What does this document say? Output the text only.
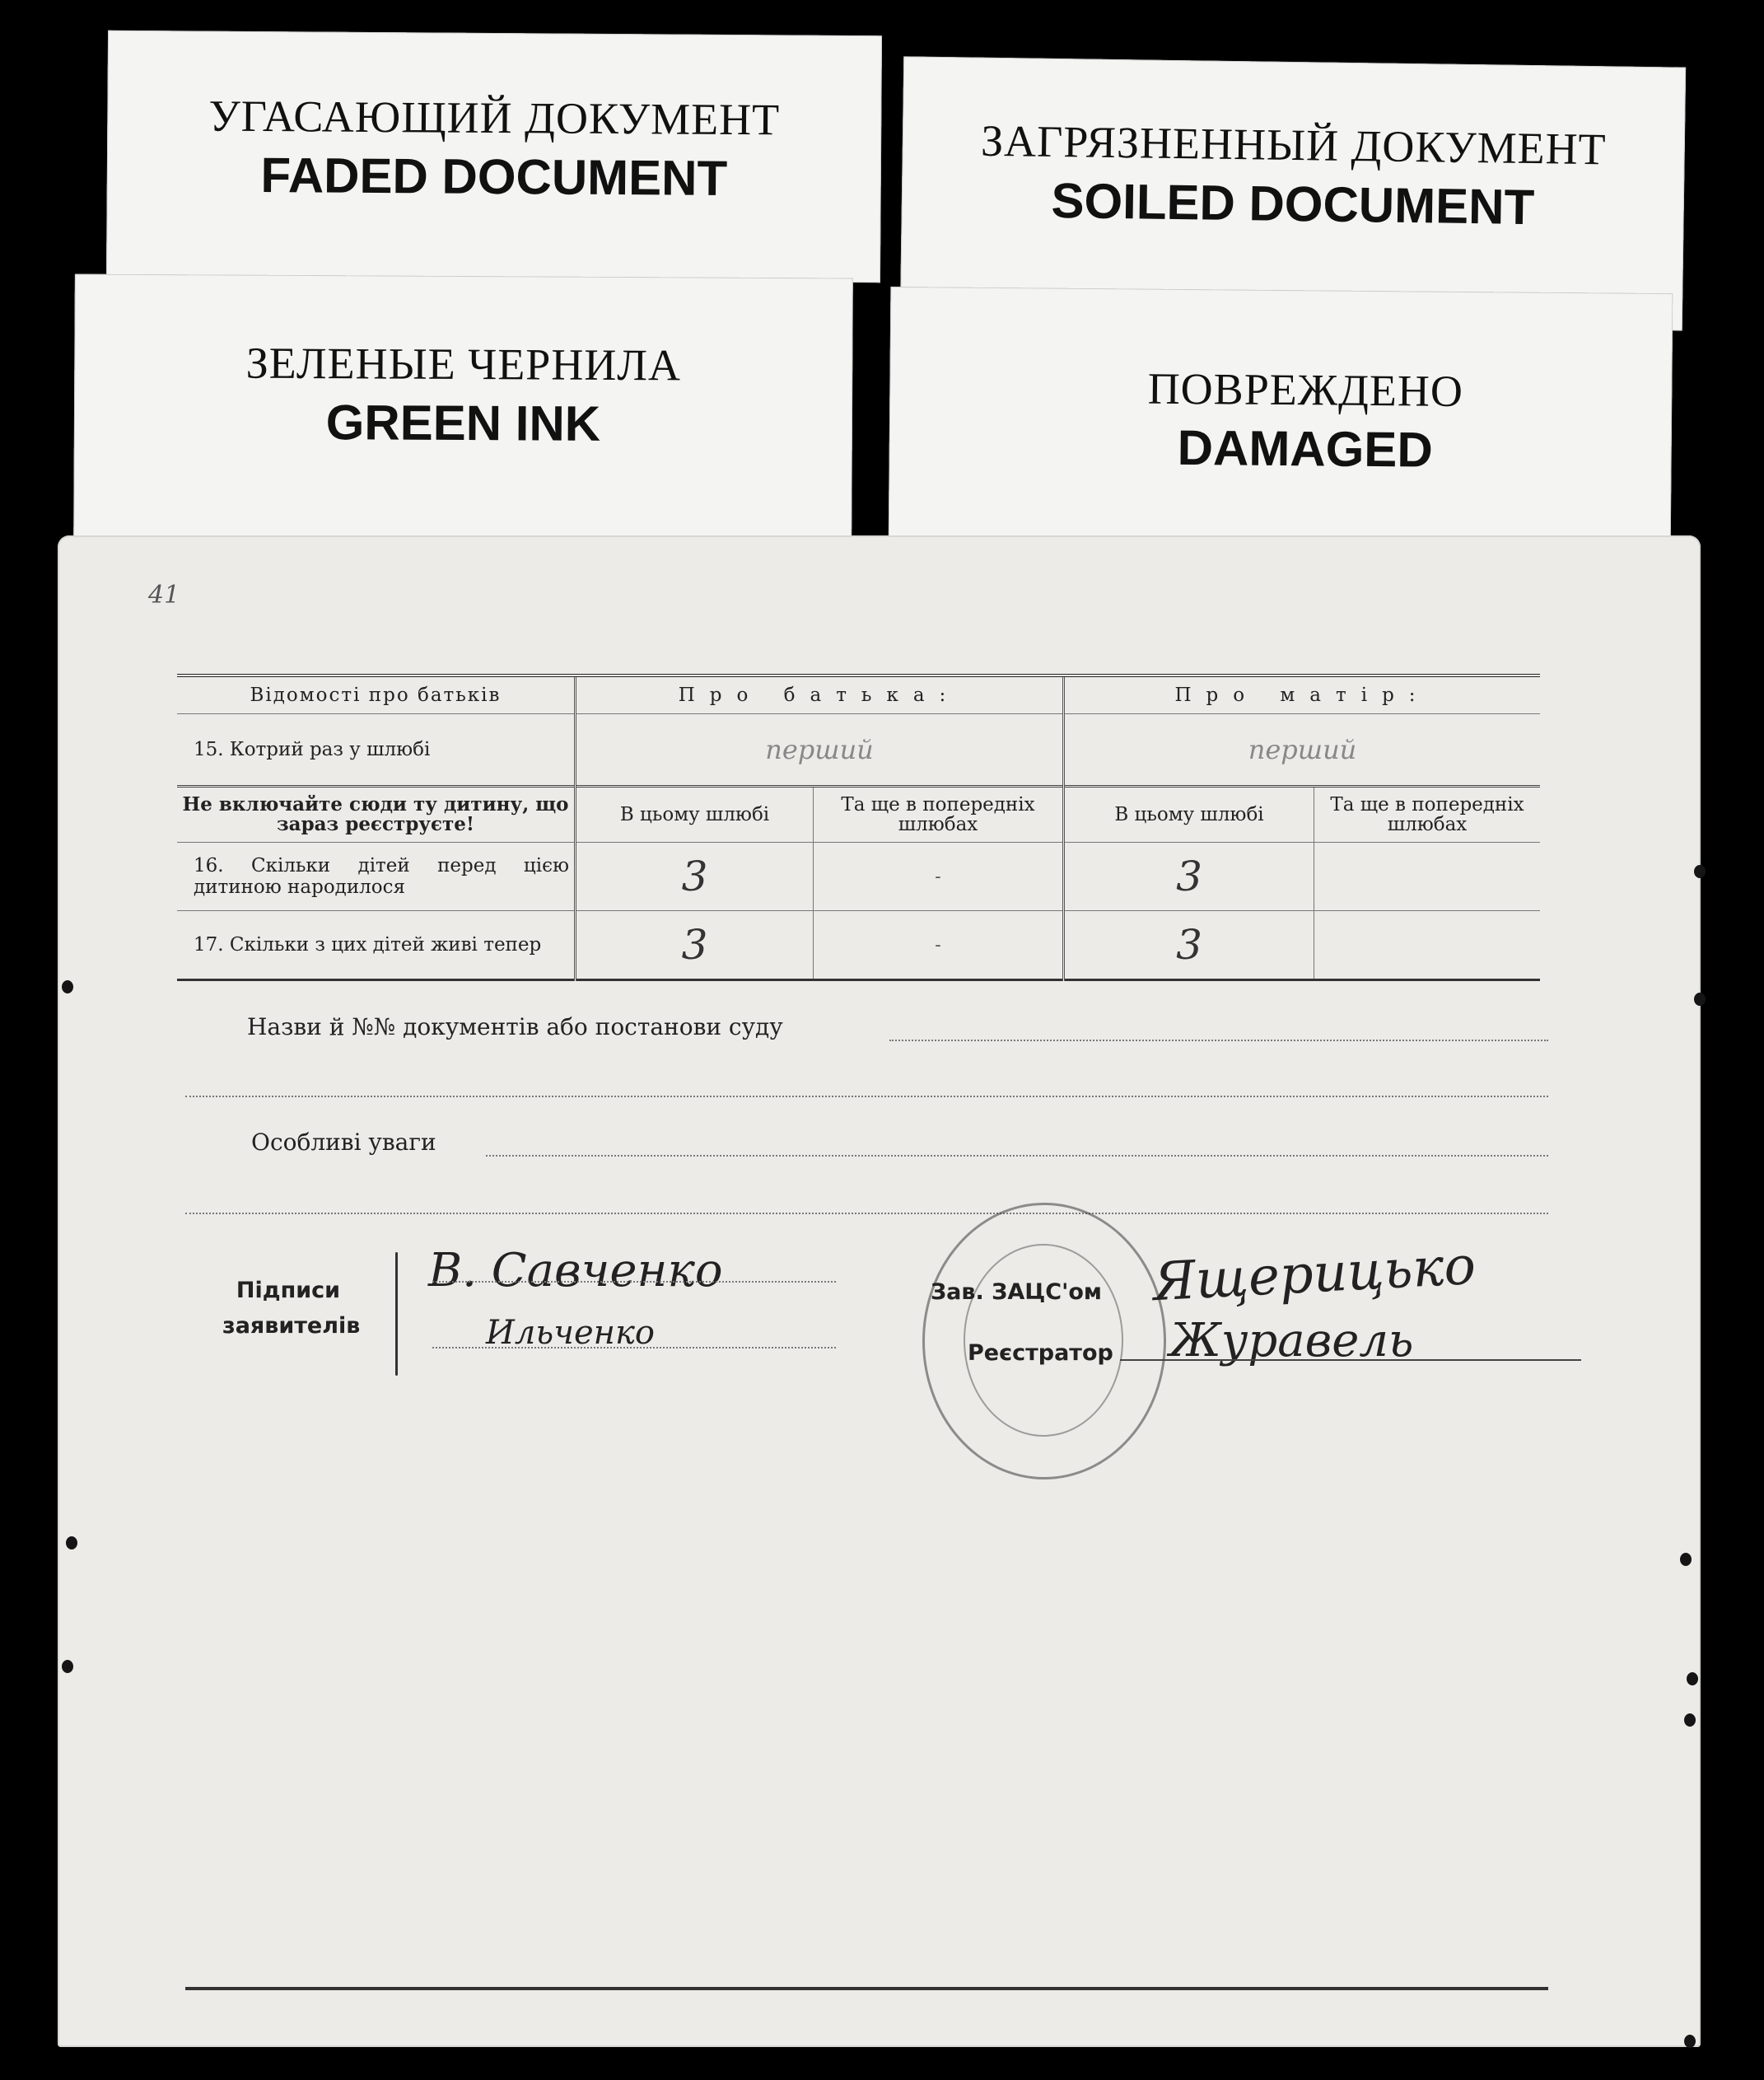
УГАСАЮЩИЙ ДОКУМЕНТ
FADED DOCUMENT
ЗАГРЯЗНЕННЫЙ ДОКУМЕНТ
SOILED DOCUMENT
ЗЕЛЕНЫЕ ЧЕРНИЛА
GREEN INK
ПОВРЕЖДЕНО
DAMAGED
41
Відомості про батьків	Про батька:		Про матір:	
15. Котрий раз у шлюбі	перший		перший	
Не включайте сюди ту дитину, що зараз реєструєте!	В цьому шлюбі	Та ще в попередніх шлюбах	В цьому шлюбі	Та ще в попередніх шлюбах
16. Скільки дітей перед цією дитиною народилося	3	-	3	
17. Скільки з цих дітей живі тепер	3	-	3	
Назви й №№ документів або постанови суду
Особливі уваги
Підписи заявителів
В. Савченко
Ильченко
Зав. ЗАЦС'ом Ящерицько
Реєстратор Журавель
